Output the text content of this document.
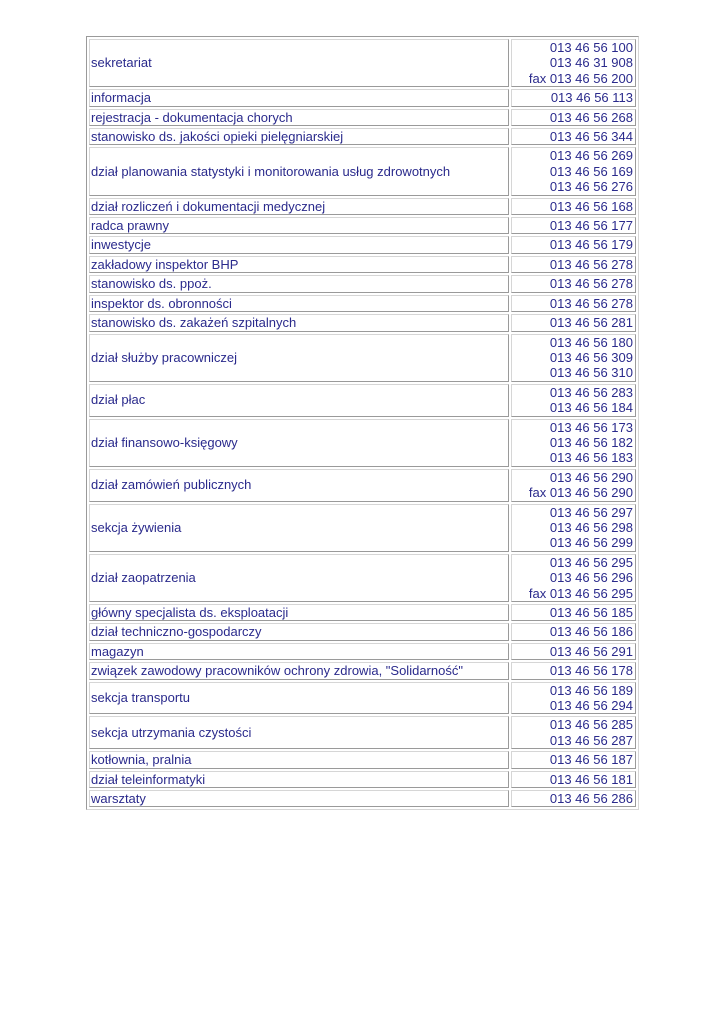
sekretariat	013 46 56 100
013 46 31 908
fax 013 46 56 200

informacja	013 46 56 113

rejestracja - dokumentacja chorych	013 46 56 268

stanowisko ds. jakości opieki pielęgniarskiej	013 46 56 344

dział planowania statystyki i monitorowania usług zdrowotnych	013 46 56 269
013 46 56 169
013 46 56 276

dział rozliczeń i dokumentacji medycznej	013 46 56 168

radca prawny	013 46 56 177

inwestycje	013 46 56 179

zakładowy inspektor BHP	013 46 56 278

stanowisko ds. ppoż.	013 46 56 278

inspektor ds. obronności	013 46 56 278

stanowisko ds. zakażeń szpitalnych	013 46 56 281

dział służby pracowniczej	013 46 56 180
013 46 56 309
013 46 56 310

dział płac	013 46 56 283
013 46 56 184

dział finansowo-księgowy	013 46 56 173
013 46 56 182
013 46 56 183

dział zamówień publicznych	013 46 56 290
fax 013 46 56 290

sekcja żywienia	013 46 56 297
013 46 56 298
013 46 56 299

dział zaopatrzenia	013 46 56 295
013 46 56 296
fax 013 46 56 295

główny specjalista ds. eksploatacji	013 46 56 185

dział techniczno-gospodarczy	013 46 56 186

magazyn	013 46 56 291

związek zawodowy pracowników ochrony zdrowia, "Solidarność"	013 46 56 178

sekcja transportu	013 46 56 189
013 46 56 294

sekcja utrzymania czystości	013 46 56 285
013 46 56 287

kotłownia, pralnia	013 46 56 187

dział teleinformatyki	013 46 56 181

warsztaty	013 46 56 286
